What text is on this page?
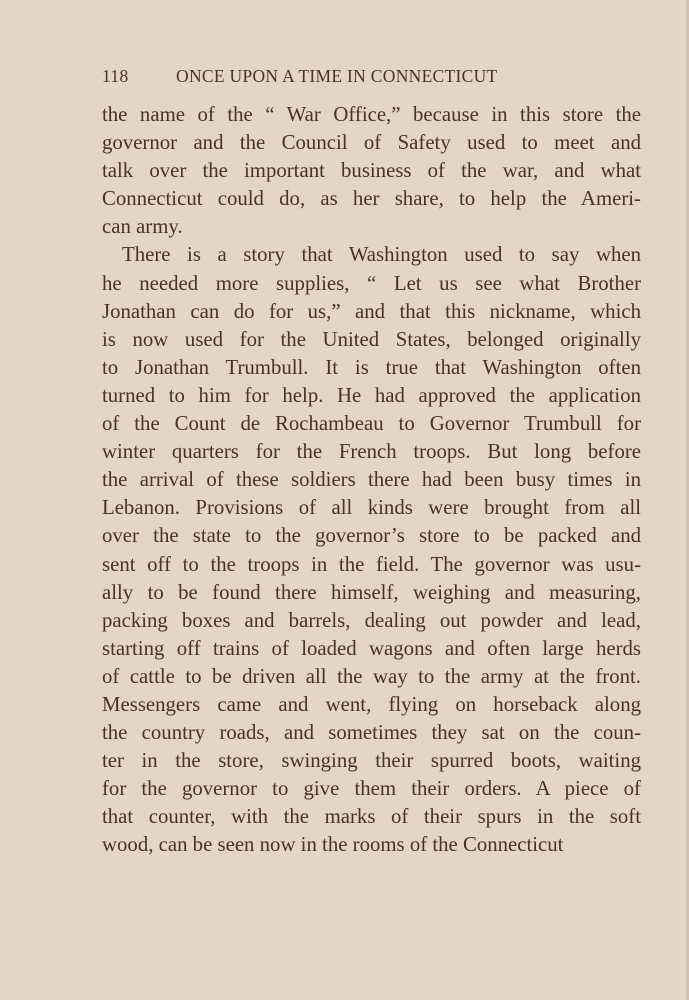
118	ONCE UPON A TIME IN CONNECTICUT
the name of the “ War Office,” because in this store the
governor and the Council of Safety used to meet and
talk over the important business of the war, and what
Connecticut could do, as her share, to help the Ameri-
can army.
There is a story that Washington used to say when
he needed more supplies, “ Let us see what Brother
Jonathan can do for us,” and that this nickname, which
is now used for the United States, belonged originally
to Jonathan Trumbull. It is true that Washington often
turned to him for help. He had approved the application
of the Count de Rochambeau to Governor Trumbull for
winter quarters for the French troops. But long before
the arrival of these soldiers there had been busy times in
Lebanon. Provisions of all kinds were brought from all
over the state to the governor’s store to be packed and
sent off to the troops in the field. The governor was usu-
ally to be found there himself, weighing and measuring,
packing boxes and barrels, dealing out powder and lead,
starting off trains of loaded wagons and often large herds
of cattle to be driven all the way to the army at the front.
Messengers came and went, flying on horseback along
the country roads, and sometimes they sat on the coun-
ter in the store, swinging their spurred boots, waiting
for the governor to give them their orders. A piece of
that counter, with the marks of their spurs in the soft
wood, can be seen now in the rooms of the Connecticut
